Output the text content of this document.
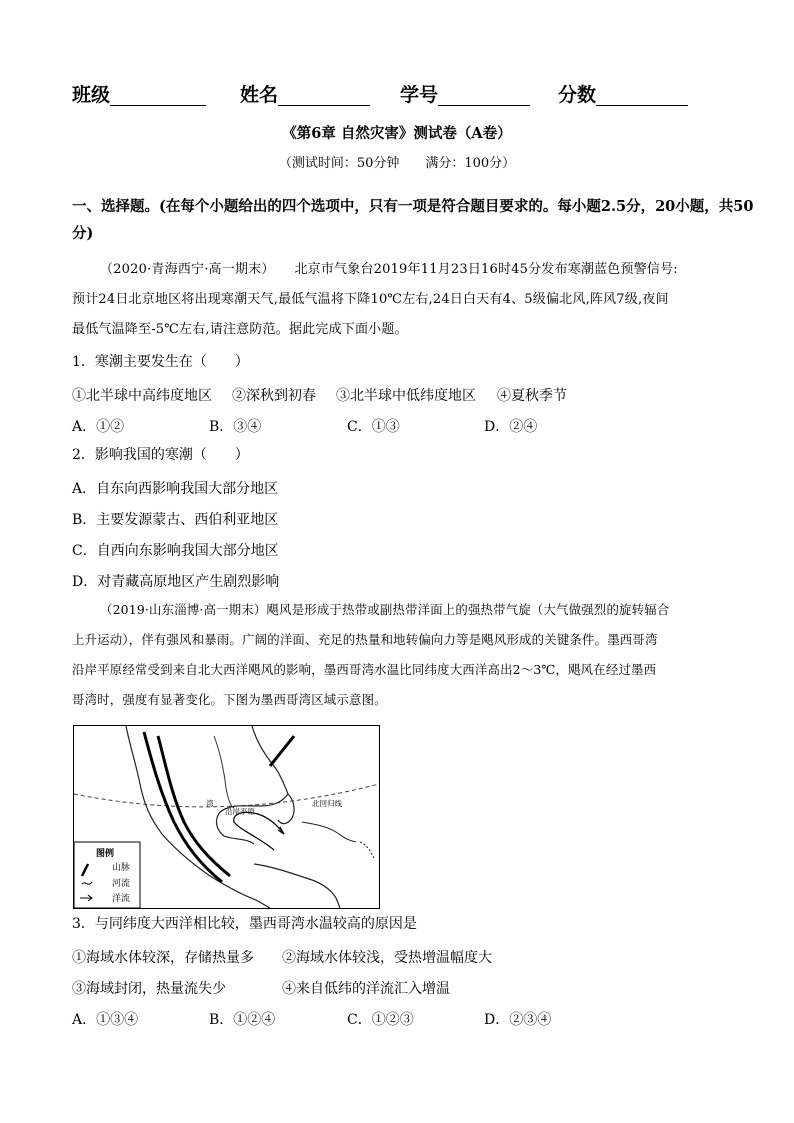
班级	姓名	学号	分数
《第6章 自然灾害》测试卷（A卷）
（测试时间：50分钟　　满分：100分）
一、选择题。(在每个小题给出的四个选项中，只有一项是符合题目要求的。每小题2.5分，20小题，共50
分)
（2020·青海西宁·高一期末）　　北京市气象台2019年11月23日16时45分发布寒潮蓝色预警信号:
预计24日北京地区将出现寒潮天气,最低气温将下降10℃左右,24日白天有4、5级偏北风,阵风7级,夜间
最低气温降至-5℃左右,请注意防范。据此完成下面小题。
1．寒潮主要发生在（　　）
①北半球中高纬度地区 ②深秋到初春 ③北半球中低纬度地区 ④夏秋季节
A．①②	B．③④	C．①③	D．②④
2．影响我国的寒潮（　　）
A．自东向西影响我国大部分地区
B．主要发源蒙古、西伯利亚地区
C．自西向东影响我国大部分地区
D．对青藏高原地区产生剧烈影响
（2019·山东淄博·高一期末）飓风是形成于热带或副热带洋面上的强热带气旋（大气做强烈的旋转辐合
上升运动），伴有强风和暴雨。广阔的洋面、充足的热量和地转偏向力等是飓风形成的关键条件。墨西哥湾
沿岸平原经常受到来自北大西洋飓风的影响，墨西哥湾水温比同纬度大西洋高出2～3℃，飓风在经过墨西
哥湾时，强度有显著变化。下图为墨西哥湾区域示意图。
沿岸平原
北回归线
湾
图例
山脉
河流
洋流
3．与同纬度大西洋相比较，墨西哥湾水温较高的原因是
①海域水体较深，存储热量多 ②海域水体较浅，受热增温幅度大
③海域封闭，热量流失少	④来自低纬的洋流汇入增温
A．①③④	B．①②④	C．①②③	D．②③④
